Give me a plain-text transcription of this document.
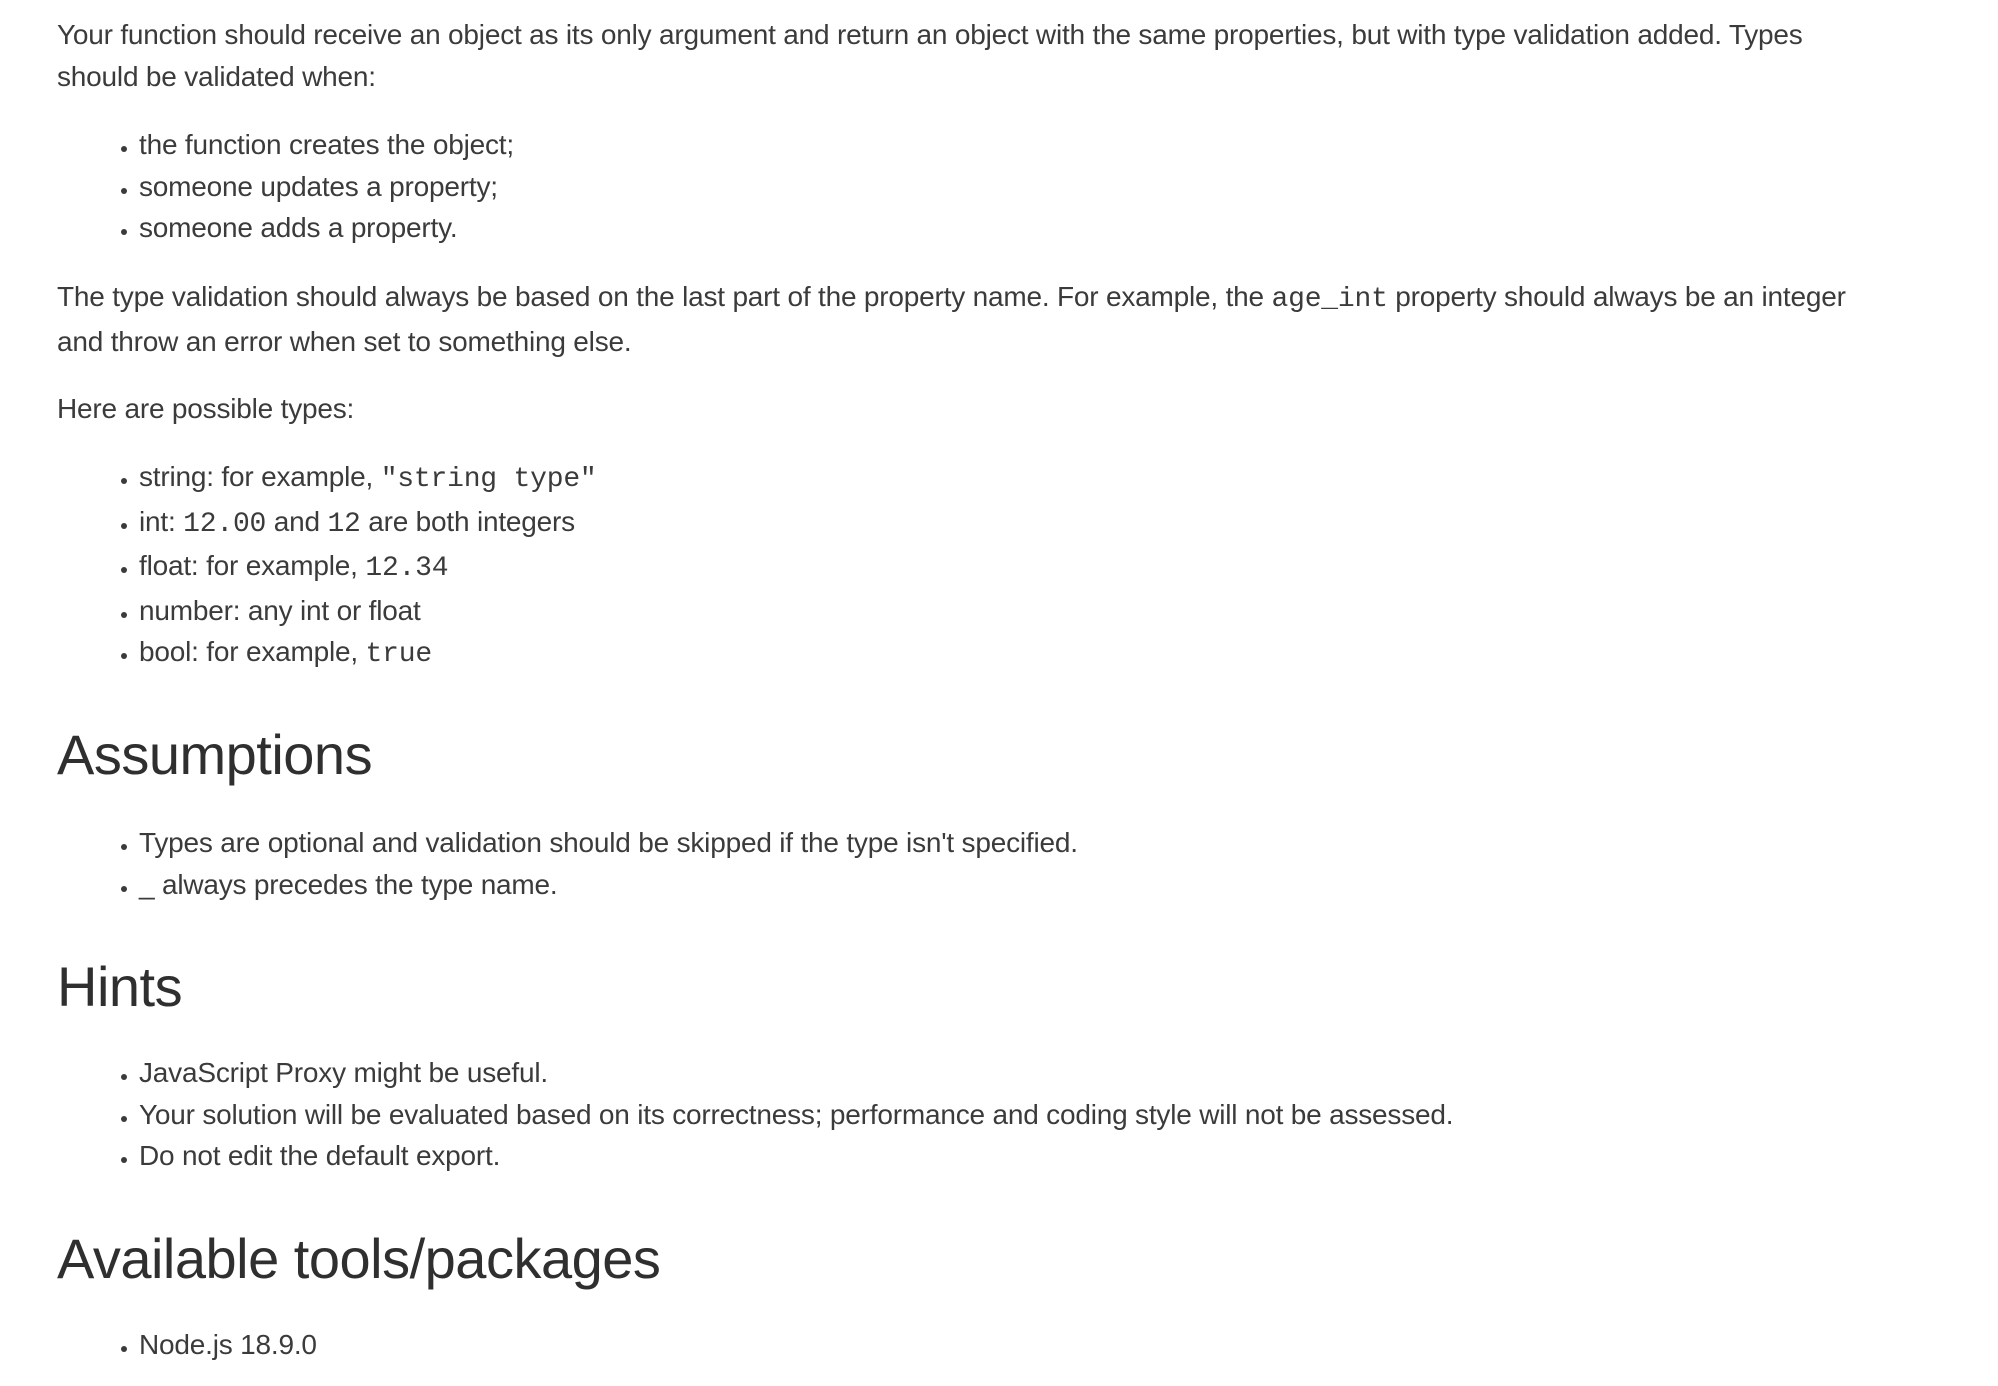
Your function should receive an object as its only argument and return an object with the same properties, but with type validation added. Types
should be validated when:

• the function creates the object;
• someone updates a property;
• someone adds a property.

The type validation should always be based on the last part of the property name. For example, the age_int property should always be an integer
and throw an error when set to something else.

Here are possible types:

• string: for example, "string type"
• int: 12.00 and 12 are both integers
• float: for example, 12.34
• number: any int or float
• bool: for example, true
Assumptions
• Types are optional and validation should be skipped if the type isn't specified.
• _ always precedes the type name.
Hints
• JavaScript Proxy might be useful.
• Your solution will be evaluated based on its correctness; performance and coding style will not be assessed.
• Do not edit the default export.
Available tools/packages
• Node.js 18.9.0
